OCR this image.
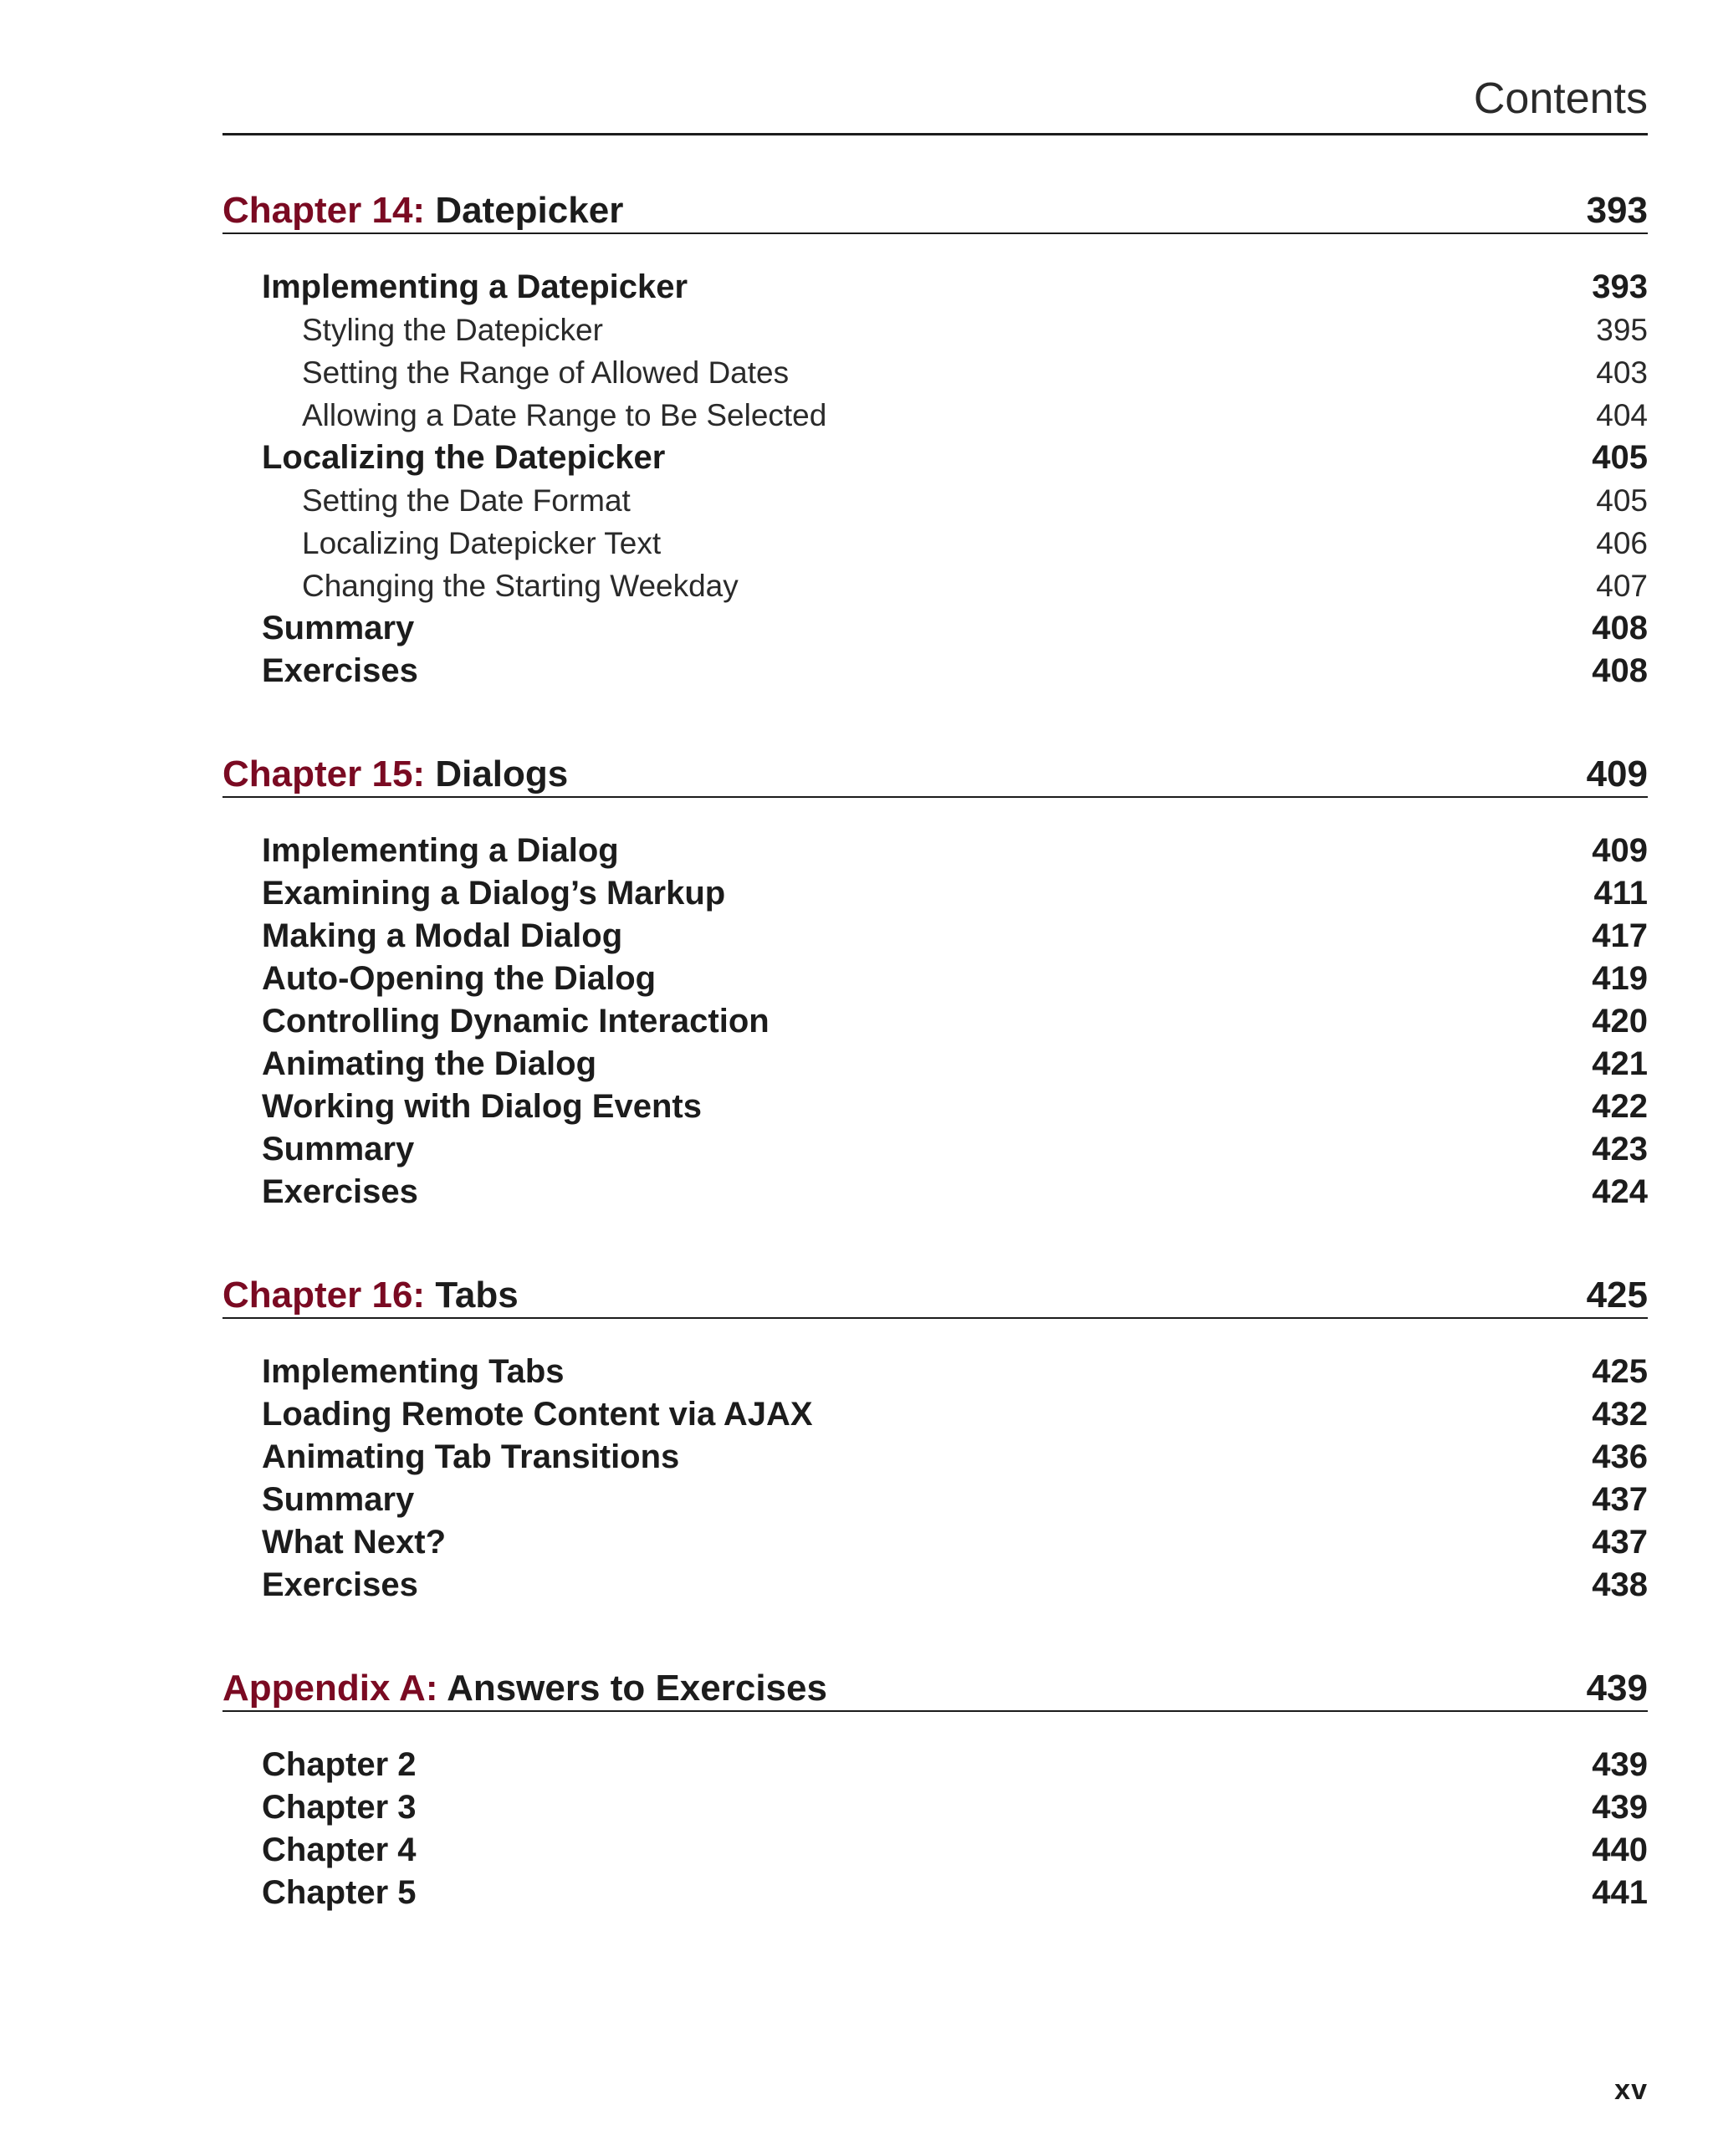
Contents
Chapter 14: Datepicker	393
Implementing a Datepicker	393
Styling the Datepicker	395
Setting the Range of Allowed Dates	403
Allowing a Date Range to Be Selected	404
Localizing the Datepicker	405
Setting the Date Format	405
Localizing Datepicker Text	406
Changing the Starting Weekday	407
Summary	408
Exercises	408
Chapter 15: Dialogs	409
Implementing a Dialog	409
Examining a Dialog’s Markup	411
Making a Modal Dialog	417
Auto-Opening the Dialog	419
Controlling Dynamic Interaction	420
Animating the Dialog	421
Working with Dialog Events	422
Summary	423
Exercises	424
Chapter 16: Tabs	425
Implementing Tabs	425
Loading Remote Content via AJAX	432
Animating Tab Transitions	436
Summary	437
What Next?	437
Exercises	438
Appendix A: Answers to Exercises	439
Chapter 2	439
Chapter 3	439
Chapter 4	440
Chapter 5	441
xv
